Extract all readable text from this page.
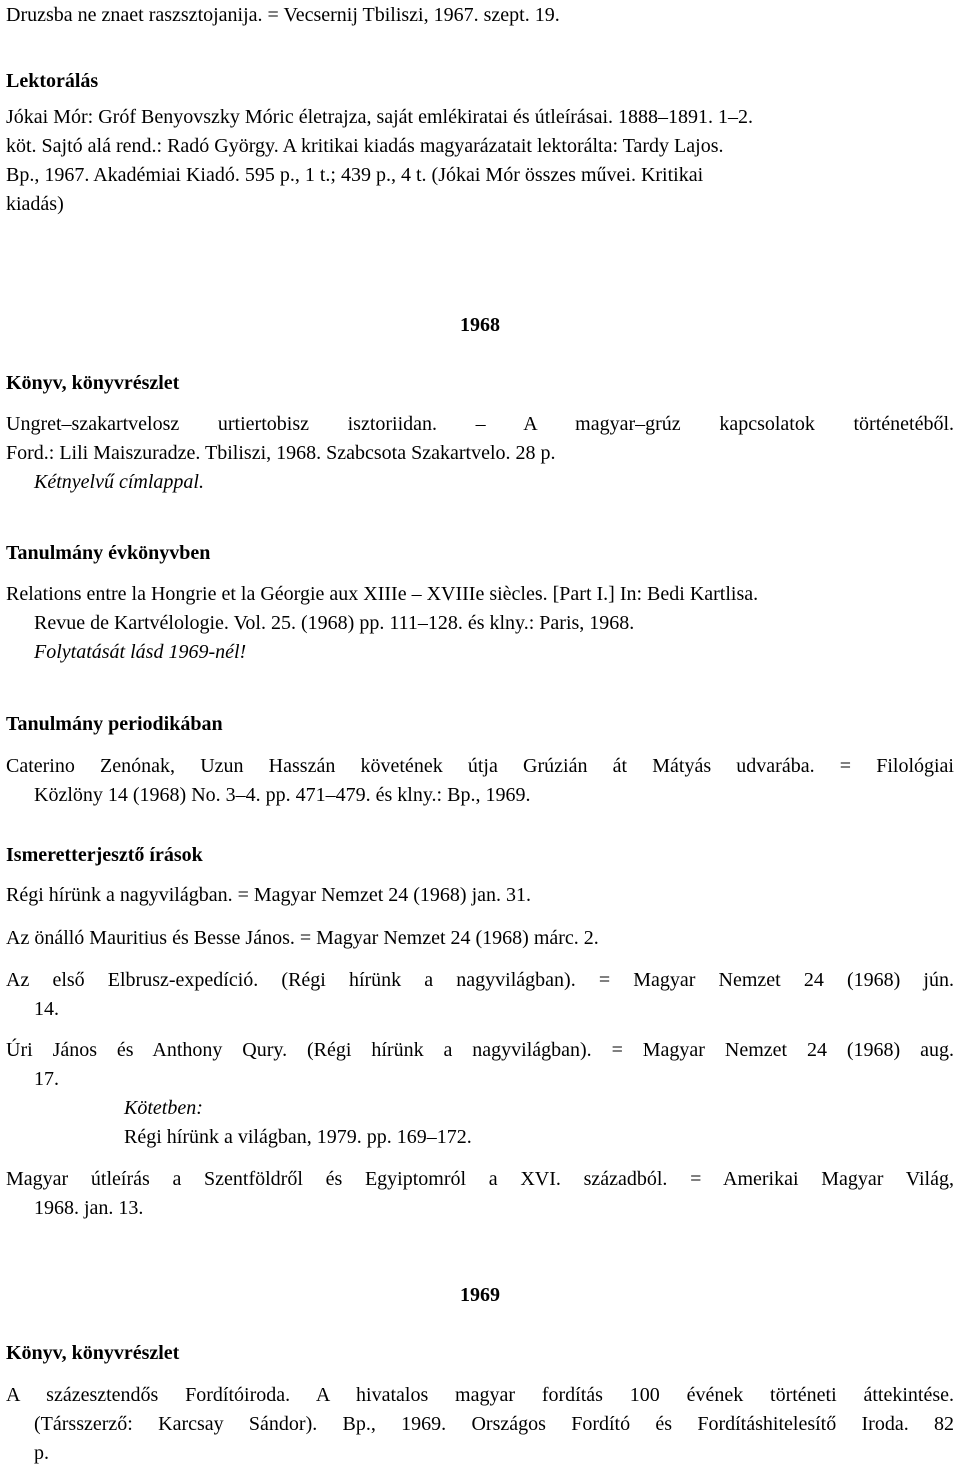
Druzsba ne znaet raszsztojanija. = Vecsernij Tbiliszi, 1967. szept. 19.
Lektorálás
Jókai Mór: Gróf Benyovszky Móric életrajza, saját emlékiratai és útleírásai. 1888–1891. 1–2.
köt. Sajtó alá rend.: Radó György. A kritikai kiadás magyarázatait lektorálta: Tardy Lajos.
Bp., 1967. Akadémiai Kiadó. 595 p., 1 t.; 439 p., 4 t. (Jókai Mór összes művei. Kritikai
kiadás)
1968
Könyv, könyvrészlet
Ungret–szakartvelosz urtiertobisz isztoriidan. – A magyar–grúz kapcsolatok történetéből.
Ford.: Lili Maiszuradze. Tbiliszi, 1968. Szabcsota Szakartvelo. 28 p.
Kétnyelvű címlappal.
Tanulmány évkönyvben
Relations entre la Hongrie et la Géorgie aux XIIIe – XVIIIe siècles. [Part I.] In: Bedi Kartlisa.
Revue de Kartvélologie. Vol. 25. (1968) pp. 111–128. és klny.: Paris, 1968.
Folytatását lásd 1969-nél!
Tanulmány periodikában
Caterino Zenónak, Uzun Hasszán követének útja Grúzián át Mátyás udvarába. = Filológiai
Közlöny 14 (1968) No. 3–4. pp. 471–479. és klny.: Bp., 1969.
Ismeretterjesztő írások
Régi hírünk a nagyvilágban. = Magyar Nemzet 24 (1968) jan. 31.
Az önálló Mauritius és Besse János. = Magyar Nemzet 24 (1968) márc. 2.
Az első Elbrusz-expedíció. (Régi hírünk a nagyvilágban). = Magyar Nemzet 24 (1968) jún.
14.
Úri János és Anthony Qury. (Régi hírünk a nagyvilágban). = Magyar Nemzet 24 (1968) aug.
17.
Kötetben:
Régi hírünk a világban, 1979. pp. 169–172.
Magyar útleírás a Szentföldről és Egyiptomról a XVI. századból. = Amerikai Magyar Világ,
1968. jan. 13.
1969
Könyv, könyvrészlet
A százesztendős Fordítóiroda. A hivatalos magyar fordítás 100 évének történeti áttekintése.
(Társszerző: Karcsay Sándor). Bp., 1969. Országos Fordító és Fordításhitelesítő Iroda. 82
p.
